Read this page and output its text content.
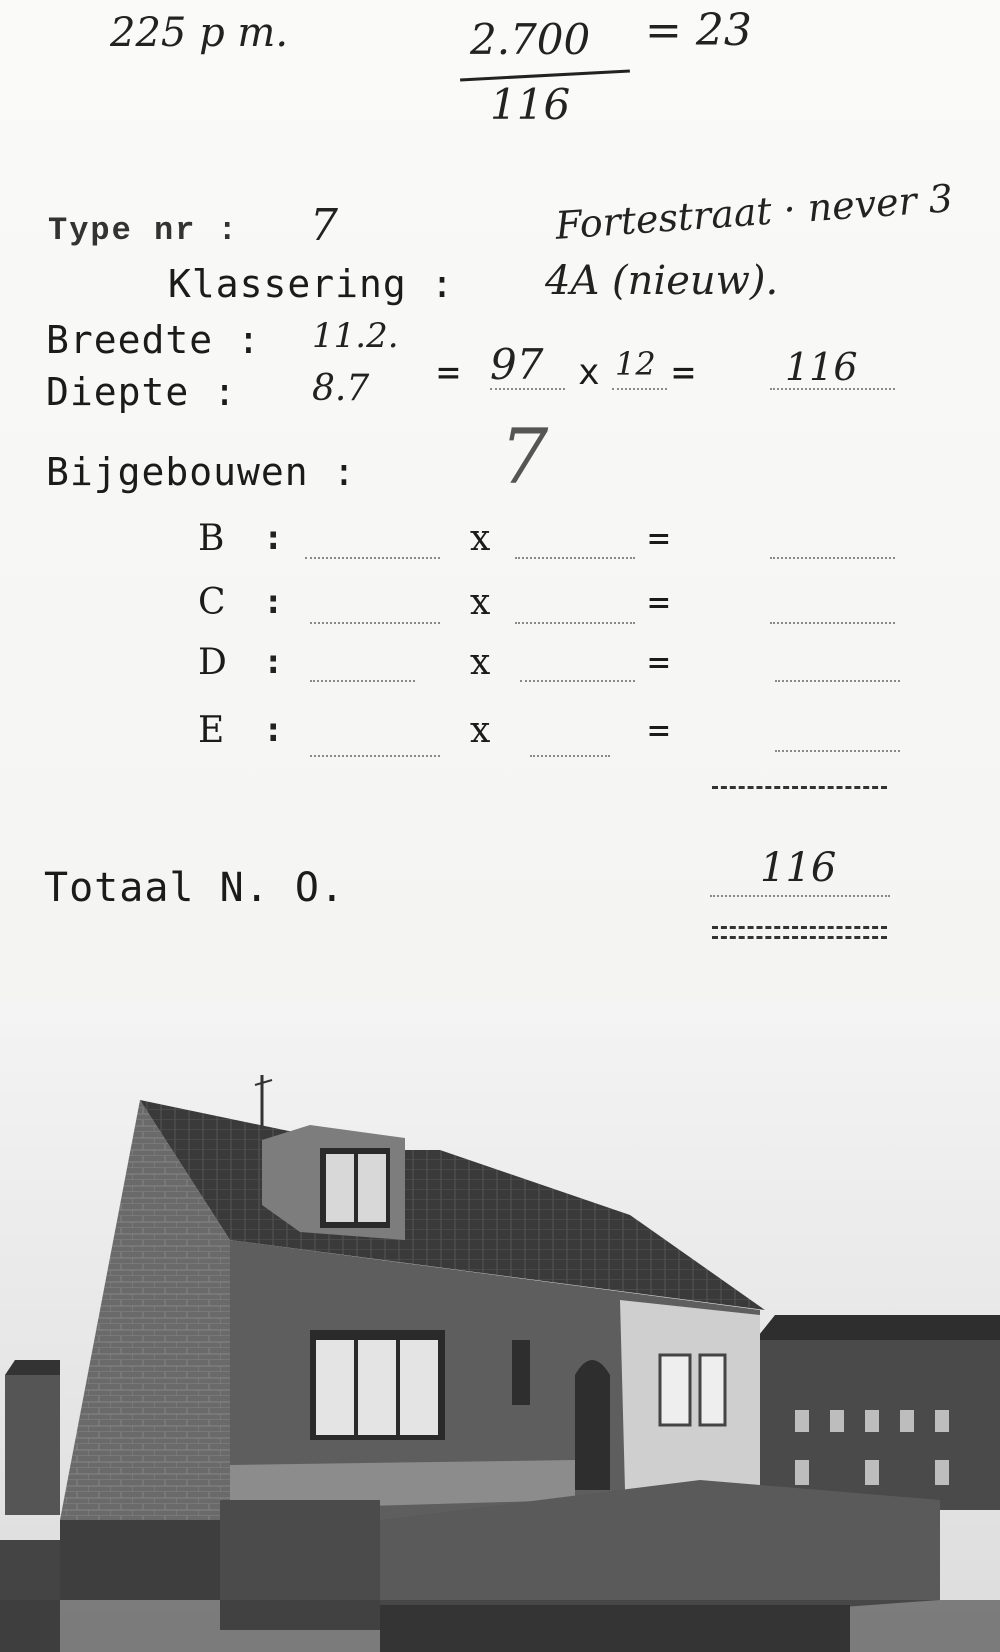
225 p m.	2.700 = 23
116
Type nr : 7	Fortestraat · never 3
Klassering : 4A (nieuw).
Breedte : 11.2.
Diepte : 8.7 = 97 x 12 = 116
Bijgebouwen : 7
B :	x	=
C :	x	=
D :	x	=
E :	x	=
Totaal N. O.	116
